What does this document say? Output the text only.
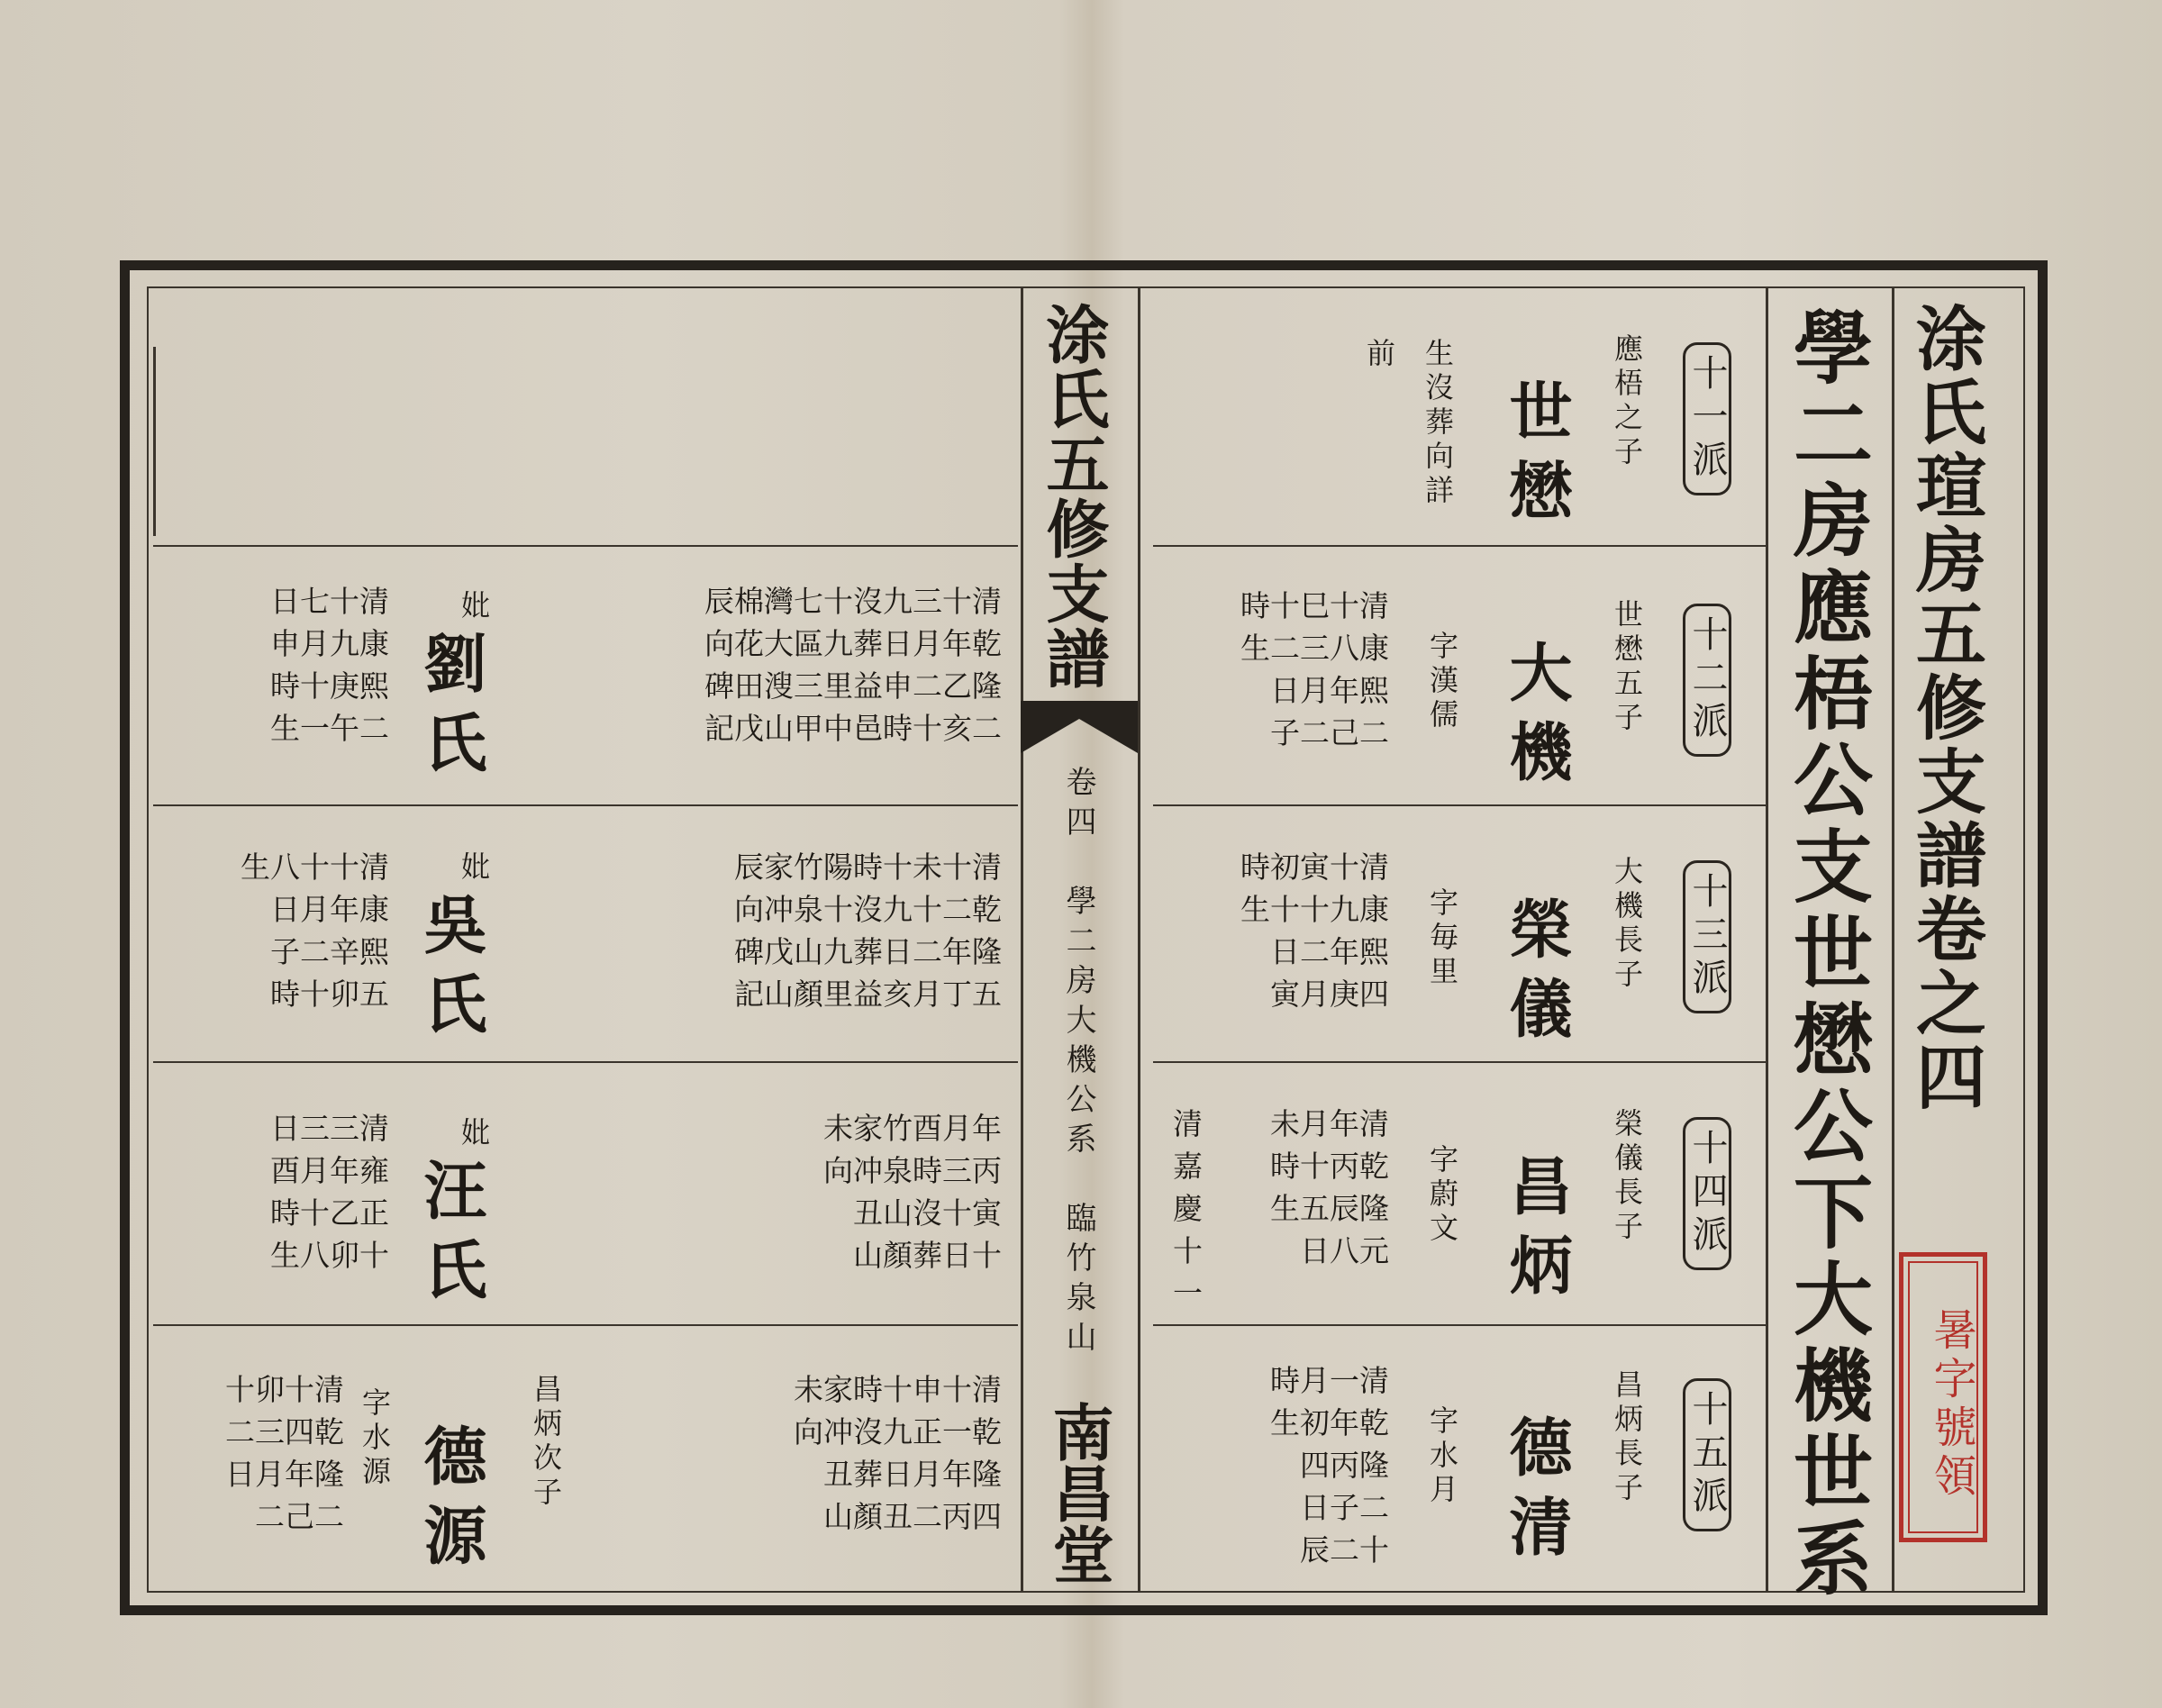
涂氏瑄房五修支譜卷之四
學二房應梧公支世懋公下大機世系	暑字號領
涂氏五修支譜
卷四　學二房大機公系　臨竹泉山　一
南昌堂
十一派
應梧之子
世懋
生沒葬向詳
前
十二派
世懋五子
大機
字漢儒
清康熙二十八年己巳三月二十二日子時生
十三派
大機長子
榮儀
字毎里
清康熙四十九年庚寅十二月初十日寅時生
十四派
榮儀長子
昌炳
字蔚文
清乾隆元年丙辰八月十五日未時生
清嘉慶十一
十五派
昌炳長子
德清
字水月
清乾隆二十一年丙子二月初四日辰時生
清乾隆二十年乙亥三月二十九日申時沒葬益邑十九里中七區三甲灣大溲山棉花田戊辰向碑記
妣
劉氏
清康熙二十九庚午七月十一日申時生
清乾隆五十二年丁未十二月十九日亥時沒葬益陽十九里竹泉山顏家冲戊山辰向碑記
妣
吳氏
清康熙五十年辛卯十月二十八日子時生
年丙寅十月三十日酉時沒葬竹泉山顏家冲丑山未向
妣
汪氏
清雍正十三年乙卯三月十八日酉時生
清乾隆四十一年丙申正月二十九日丑時沒葬顏家冲丑山未向
昌炳次子
德源
字水源
清乾隆二十四年己卯三月二十二日
